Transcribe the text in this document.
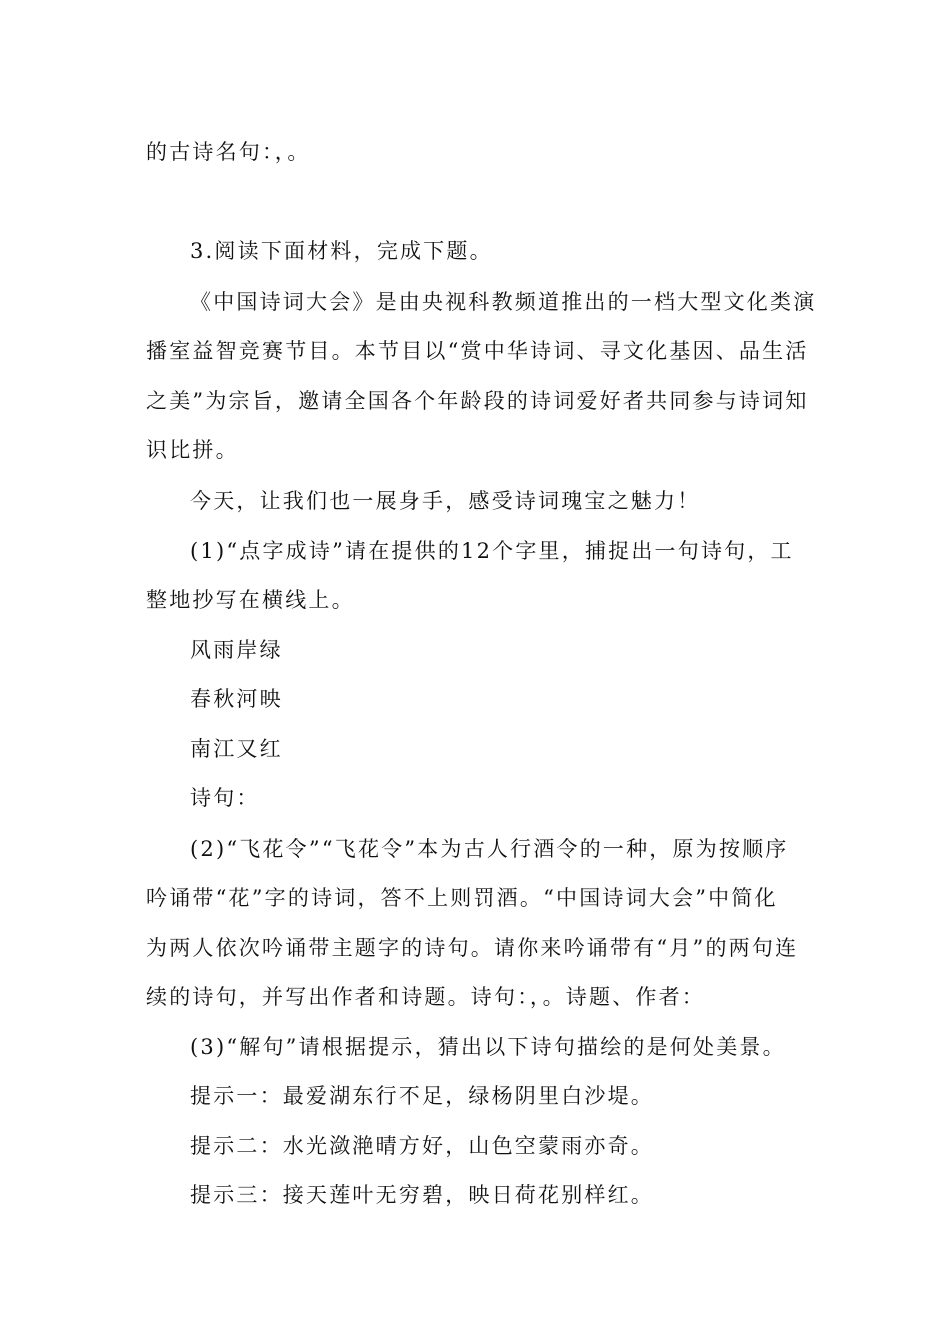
的古诗名句：，。
3.阅读下面材料，完成下题。
《中国诗词大会》是由央视科教频道推出的一档大型文化类演
播室益智竞赛节目。本节目以“赏中华诗词、寻文化基因、品生活
之美”为宗旨，邀请全国各个年龄段的诗词爱好者共同参与诗词知
识比拼。
今天，让我们也一展身手，感受诗词瑰宝之魅力！
(1)“点字成诗”请在提供的12个字里，捕捉出一句诗句，工
整地抄写在横线上。
风雨岸绿
春秋河映
南江又红
诗句：
(2)“飞花令”“飞花令”本为古人行酒令的一种，原为按顺序
吟诵带“花”字的诗词，答不上则罚酒。“中国诗词大会”中简化
为两人依次吟诵带主题字的诗句。请你来吟诵带有“月”的两句连
续的诗句，并写出作者和诗题。诗句：，。诗题、作者：
(3)“解句”请根据提示，猜出以下诗句描绘的是何处美景。
提示一：最爱湖东行不足，绿杨阴里白沙堤。
提示二：水光潋滟晴方好，山色空蒙雨亦奇。
提示三：接天莲叶无穷碧，映日荷花别样红。
